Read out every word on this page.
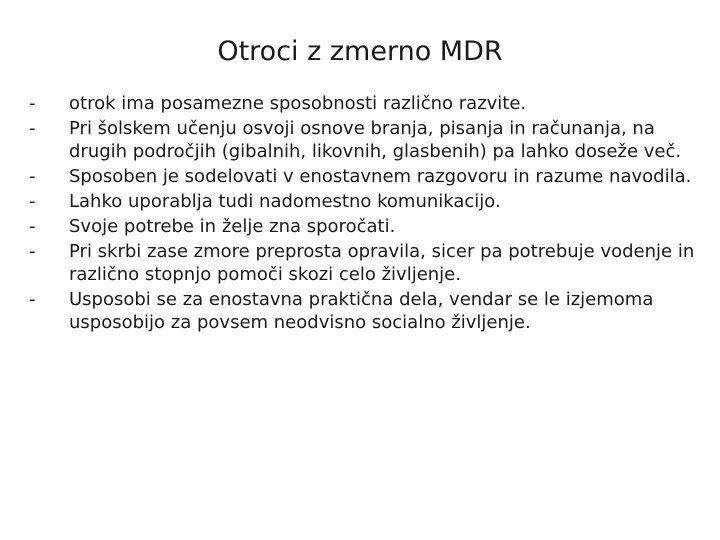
Otroci z zmerno MDR
-	otrok ima posamezne sposobnosti različno razvite.
-	Pri šolskem učenju osvoji osnove branja, pisanja in računanja, na drugih področjih (gibalnih, likovnih, glasbenih) pa lahko doseže več.
-	Sposoben je sodelovati v enostavnem razgovoru in razume navodila.
-	Lahko uporablja tudi nadomestno komunikacijo.
-	Svoje potrebe in želje zna sporočati.
-	Pri skrbi zase zmore preprosta opravila, sicer pa potrebuje vodenje in različno stopnjo pomoči skozi celo življenje.
-	Usposobi se za enostavna praktična dela, vendar se le izjemoma usposobijo za povsem neodvisno socialno življenje.
